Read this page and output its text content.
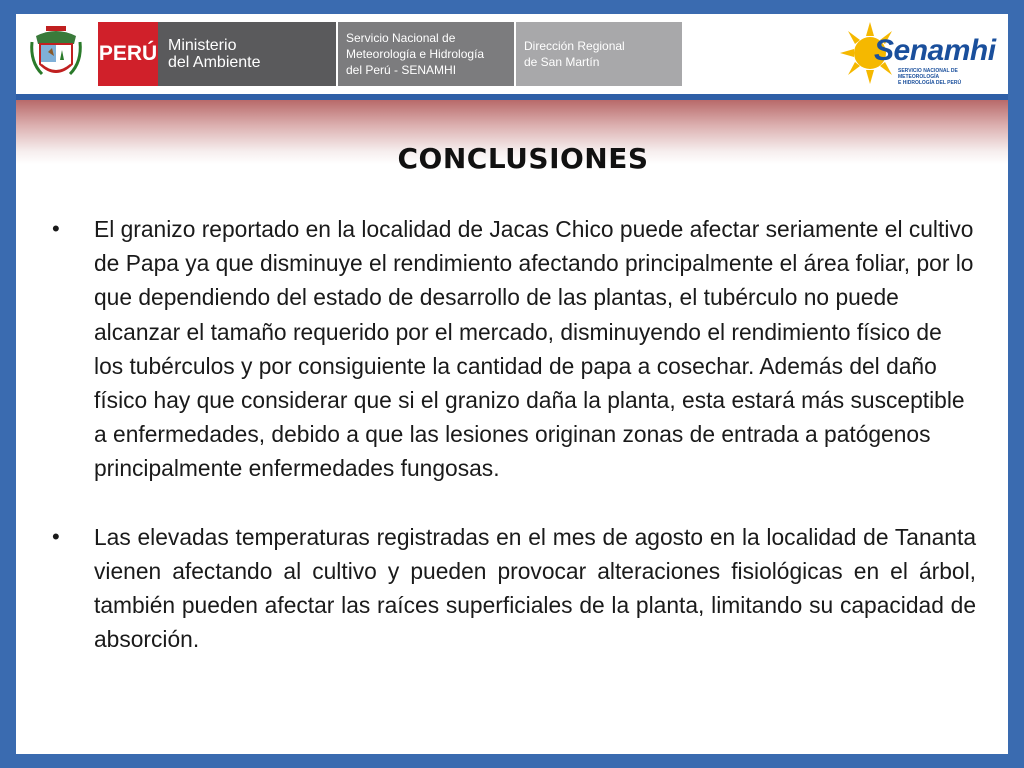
PERÚ Ministerio
del Ambiente
Servicio Nacional de
Meteorología e Hidrología
del Perú - SENAMHI
Dirección Regional
de San Martín	Senamhi
SERVICIO NACIONAL DE METEOROLOGÍA
E HIDROLOGÍA DEL PERÚ
CONCLUSIONES
• El granizo reportado en la localidad de Jacas Chico puede afectar seriamente el cultivo de Papa ya que disminuye el rendimiento afectando principalmente el área foliar, por lo que dependiendo del estado de desarrollo de las plantas, el tubérculo no puede alcanzar el tamaño requerido por el mercado, disminuyendo el rendimiento físico de los tubérculos y por consiguiente la cantidad de papa a cosechar. Además del daño físico hay que considerar que si el granizo daña la planta, esta estará más susceptible a enfermedades, debido a que las lesiones originan zonas de entrada a patógenos principalmente enfermedades fungosas.
• Las elevadas temperaturas registradas en el mes de agosto en la localidad de Tananta vienen afectando al cultivo y pueden provocar alteraciones fisiológicas en el árbol, también pueden afectar las raíces superficiales de la planta, limitando su capacidad de absorción.
